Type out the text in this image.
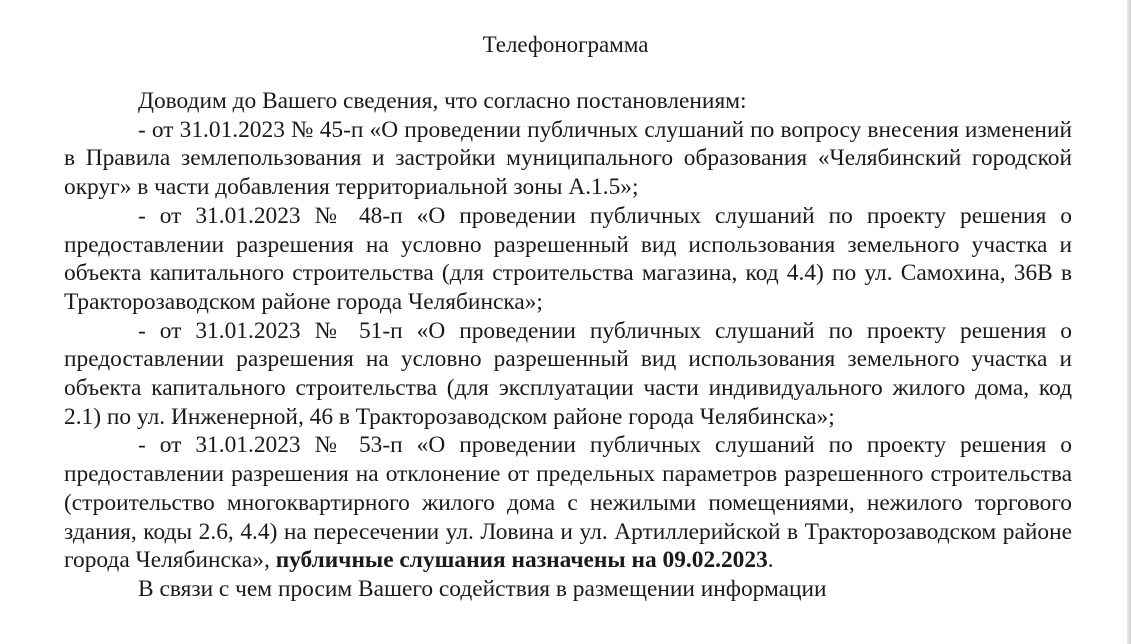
Телефонограмма

Доводим до Вашего сведения, что согласно постановлениям:

- от 31.01.2023 № 45-п «О проведении публичных слушаний по вопросу внесения изменений в Правила землепользования и застройки муниципального образования «Челябинский городской округ» в части добавления территориальной зоны А.1.5»;

- от 31.01.2023 № 48-п «О проведении публичных слушаний по проекту решения о предоставлении разрешения на условно разрешенный вид использования земельного участка и объекта капитального строительства (для строительства магазина, код 4.4) по ул. Самохина, 36В в Тракторозаводском районе города Челябинска»;

- от 31.01.2023 № 51-п «О проведении публичных слушаний по проекту решения о предоставлении разрешения на условно разрешенный вид использования земельного участка и объекта капитального строительства (для эксплуатации части индивидуального жилого дома, код 2.1) по ул. Инженерной, 46 в Тракторозаводском районе города Челябинска»;

- от 31.01.2023 № 53-п «О проведении публичных слушаний по проекту решения о предоставлении разрешения на отклонение от предельных параметров разрешенного строительства (строительство многоквартирного жилого дома с нежилыми помещениями, нежилого торгового здания, коды 2.6, 4.4) на пересечении ул. Ловина и ул. Артиллерийской в Тракторозаводском районе города Челябинска», публичные слушания назначены на 09.02.2023.

В связи с чем просим Вашего содействия в размещении информации
